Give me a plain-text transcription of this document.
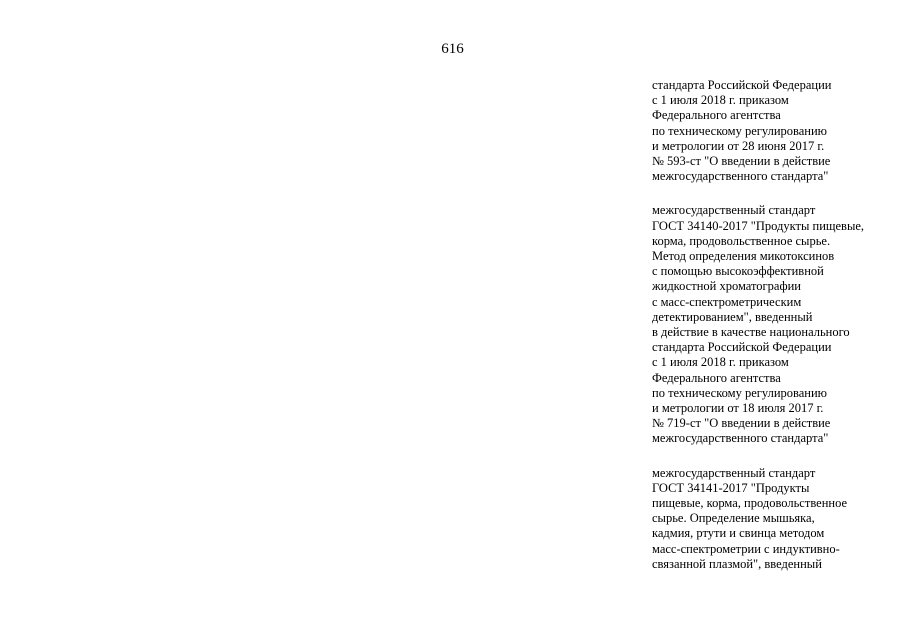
616
стандарта Российской Федерации
с 1 июля 2018 г. приказом
Федерального агентства
по техническому регулированию
и метрологии от 28 июня 2017 г.
№ 593-ст "О введении в действие
межгосударственного стандарта"
межгосударственный стандарт
ГОСТ 34140-2017 "Продукты пищевые,
корма, продовольственное сырье.
Метод определения микотоксинов
с помощью высокоэффективной
жидкостной хроматографии
с масс-спектрометрическим
детектированием", введенный
в действие в качестве национального
стандарта Российской Федерации
с 1 июля 2018 г. приказом
Федерального агентства
по техническому регулированию
и метрологии от 18 июля 2017 г.
№ 719-ст "О введении в действие
межгосударственного стандарта"
межгосударственный стандарт
ГОСТ 34141-2017 "Продукты
пищевые, корма, продовольственное
сырье. Определение мышьяка,
кадмия, ртути и свинца методом
масс-спектрометрии с индуктивно-
связанной плазмой", введенный
